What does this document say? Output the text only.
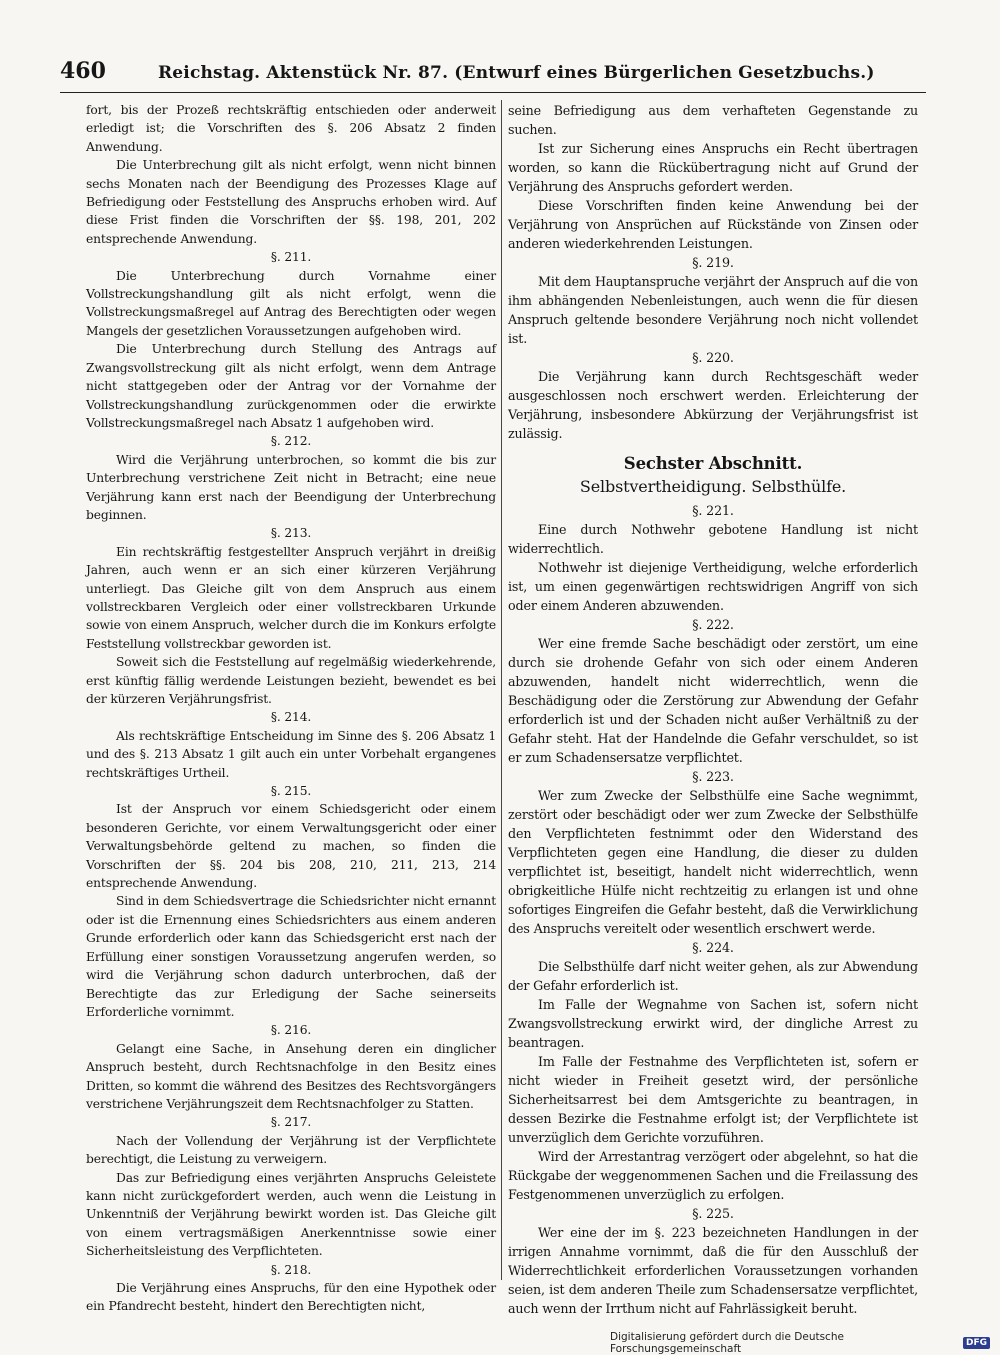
460	Reichstag. Aktenstück Nr. 87. (Entwurf eines Bürgerlichen Gesetzbuchs.)

fort, bis der Prozeß rechtskräftig entschieden oder anderweit erledigt ist; die Vorschriften des §. 206 Absatz 2 finden Anwendung.

Die Unterbrechung gilt als nicht erfolgt, wenn nicht binnen sechs Monaten nach der Beendigung des Prozesses Klage auf Befriedigung oder Feststellung des Anspruchs erhoben wird. Auf diese Frist finden die Vorschriften der §§. 198, 201, 202 entsprechende Anwendung.

§. 211.

Die Unterbrechung durch Vornahme einer Vollstreckungshandlung gilt als nicht erfolgt, wenn die Vollstreckungsmaßregel auf Antrag des Berechtigten oder wegen Mangels der gesetzlichen Voraussetzungen aufgehoben wird.

Die Unterbrechung durch Stellung des Antrags auf Zwangsvollstreckung gilt als nicht erfolgt, wenn dem Antrage nicht stattgegeben oder der Antrag vor der Vornahme der Vollstreckungshandlung zurückgenommen oder die erwirkte Vollstreckungsmaßregel nach Absatz 1 aufgehoben wird.

§. 212.

Wird die Verjährung unterbrochen, so kommt die bis zur Unterbrechung verstrichene Zeit nicht in Betracht; eine neue Verjährung kann erst nach der Beendigung der Unterbrechung beginnen.

§. 213.

Ein rechtskräftig festgestellter Anspruch verjährt in dreißig Jahren, auch wenn er an sich einer kürzeren Verjährung unterliegt. Das Gleiche gilt von dem Anspruch aus einem vollstreckbaren Vergleich oder einer vollstreckbaren Urkunde sowie von einem Anspruch, welcher durch die im Konkurs erfolgte Feststellung vollstreckbar geworden ist.

Soweit sich die Feststellung auf regelmäßig wiederkehrende, erst künftig fällig werdende Leistungen bezieht, bewendet es bei der kürzeren Verjährungsfrist.

§. 214.

Als rechtskräftige Entscheidung im Sinne des §. 206 Absatz 1 und des §. 213 Absatz 1 gilt auch ein unter Vorbehalt ergangenes rechtskräftiges Urtheil.

§. 215.

Ist der Anspruch vor einem Schiedsgericht oder einem besonderen Gerichte, vor einem Verwaltungsgericht oder einer Verwaltungsbehörde geltend zu machen, so finden die Vorschriften der §§. 204 bis 208, 210, 211, 213, 214 entsprechende Anwendung.

Sind in dem Schiedsvertrage die Schiedsrichter nicht ernannt oder ist die Ernennung eines Schiedsrichters aus einem anderen Grunde erforderlich oder kann das Schiedsgericht erst nach der Erfüllung einer sonstigen Voraussetzung angerufen werden, so wird die Verjährung schon dadurch unterbrochen, daß der Berechtigte das zur Erledigung der Sache seinerseits Erforderliche vornimmt.

§. 216.

Gelangt eine Sache, in Ansehung deren ein dinglicher Anspruch besteht, durch Rechtsnachfolge in den Besitz eines Dritten, so kommt die während des Besitzes des Rechtsvorgängers verstrichene Verjährungszeit dem Rechtsnachfolger zu Statten.

§. 217.

Nach der Vollendung der Verjährung ist der Verpflichtete berechtigt, die Leistung zu verweigern.

Das zur Befriedigung eines verjährten Anspruchs Geleistete kann nicht zurückgefordert werden, auch wenn die Leistung in Unkenntniß der Verjährung bewirkt worden ist. Das Gleiche gilt von einem vertragsmäßigen Anerkenntnisse sowie einer Sicherheitsleistung des Verpflichteten.

§. 218.

Die Verjährung eines Anspruchs, für den eine Hypothek oder ein Pfandrecht besteht, hindert den Berechtigten nicht,

seine Befriedigung aus dem verhafteten Gegenstande zu suchen.

Ist zur Sicherung eines Anspruchs ein Recht übertragen worden, so kann die Rückübertragung nicht auf Grund der Verjährung des Anspruchs gefordert werden.

Diese Vorschriften finden keine Anwendung bei der Verjährung von Ansprüchen auf Rückstände von Zinsen oder anderen wiederkehrenden Leistungen.

§. 219.

Mit dem Hauptanspruche verjährt der Anspruch auf die von ihm abhängenden Nebenleistungen, auch wenn die für diesen Anspruch geltende besondere Verjährung noch nicht vollendet ist.

§. 220.

Die Verjährung kann durch Rechtsgeschäft weder ausgeschlossen noch erschwert werden. Erleichterung der Verjährung, insbesondere Abkürzung der Verjährungsfrist ist zulässig.

Sechster Abschnitt.

Selbstvertheidigung. Selbsthülfe.

§. 221.

Eine durch Nothwehr gebotene Handlung ist nicht widerrechtlich.

Nothwehr ist diejenige Vertheidigung, welche erforderlich ist, um einen gegenwärtigen rechtswidrigen Angriff von sich oder einem Anderen abzuwenden.

§. 222.

Wer eine fremde Sache beschädigt oder zerstört, um eine durch sie drohende Gefahr von sich oder einem Anderen abzuwenden, handelt nicht widerrechtlich, wenn die Beschädigung oder die Zerstörung zur Abwendung der Gefahr erforderlich ist und der Schaden nicht außer Verhältniß zu der Gefahr steht. Hat der Handelnde die Gefahr verschuldet, so ist er zum Schadensersatze verpflichtet.

§. 223.

Wer zum Zwecke der Selbsthülfe eine Sache wegnimmt, zerstört oder beschädigt oder wer zum Zwecke der Selbsthülfe den Verpflichteten festnimmt oder den Widerstand des Verpflichteten gegen eine Handlung, die dieser zu dulden verpflichtet ist, beseitigt, handelt nicht widerrechtlich, wenn obrigkeitliche Hülfe nicht rechtzeitig zu erlangen ist und ohne sofortiges Eingreifen die Gefahr besteht, daß die Verwirklichung des Anspruchs vereitelt oder wesentlich erschwert werde.

§. 224.

Die Selbsthülfe darf nicht weiter gehen, als zur Abwendung der Gefahr erforderlich ist.

Im Falle der Wegnahme von Sachen ist, sofern nicht Zwangsvollstreckung erwirkt wird, der dingliche Arrest zu beantragen.

Im Falle der Festnahme des Verpflichteten ist, sofern er nicht wieder in Freiheit gesetzt wird, der persönliche Sicherheitsarrest bei dem Amtsgerichte zu beantragen, in dessen Bezirke die Festnahme erfolgt ist; der Verpflichtete ist unverzüglich dem Gerichte vorzuführen.

Wird der Arrestantrag verzögert oder abgelehnt, so hat die Rückgabe der weggenommenen Sachen und die Freilassung des Festgenommenen unverzüglich zu erfolgen.

§. 225.

Wer eine der im §. 223 bezeichneten Handlungen in der irrigen Annahme vornimmt, daß die für den Ausschluß der Widerrechtlichkeit erforderlichen Voraussetzungen vorhanden seien, ist dem anderen Theile zum Schadensersatze verpflichtet, auch wenn der Irrthum nicht auf Fahrlässigkeit beruht.

Digitalisierung gefördert durch die Deutsche Forschungsgemeinschaft	DFG
